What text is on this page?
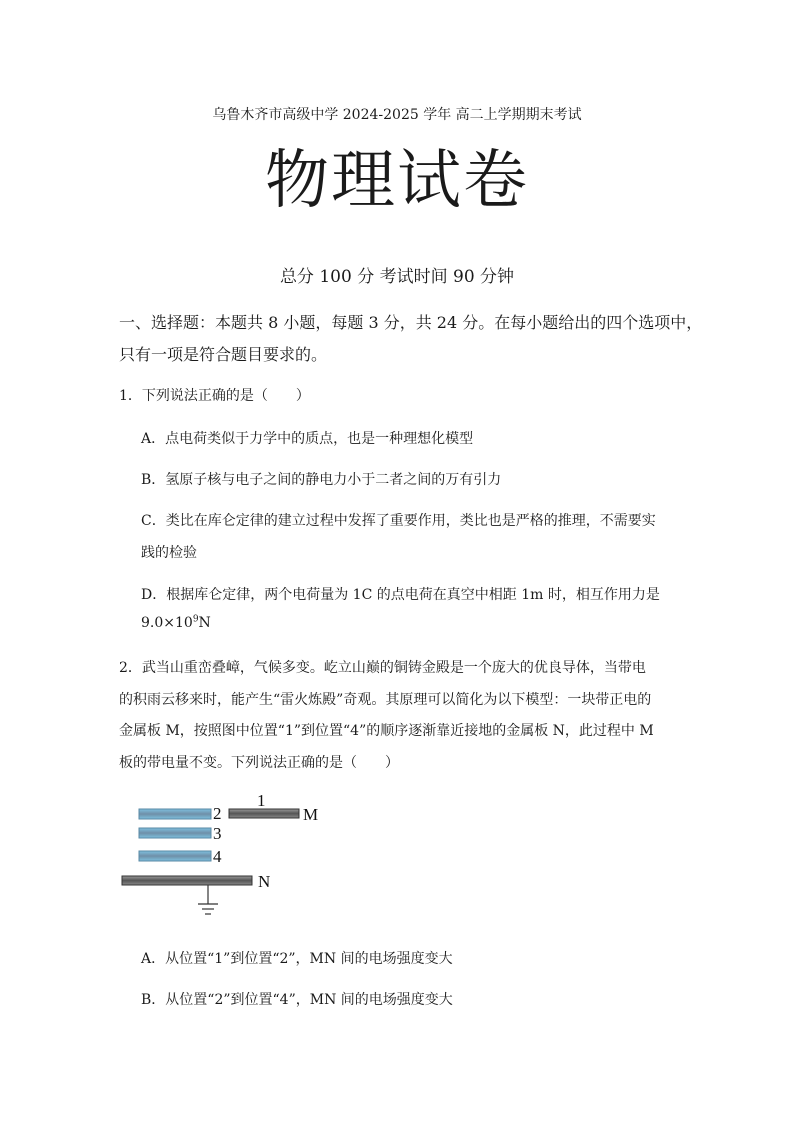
乌鲁木齐市高级中学 2024-2025 学年 高二上学期期末考试
物理试卷
总分 100 分 考试时间 90 分钟
一、选择题：本题共 8 小题，每题 3 分，共 24 分。在每小题给出的四个选项中，
只有一项是符合题目要求的。
1．下列说法正确的是（　　）
A．点电荷类似于力学中的质点，也是一种理想化模型
B．氢原子核与电子之间的静电力小于二者之间的万有引力
C．类比在库仑定律的建立过程中发挥了重要作用，类比也是严格的推理，不需要实
践的检验
D．根据库仑定律，两个电荷量为 1C 的点电荷在真空中相距 1m 时，相互作用力是
$9.0\times 10^9N$
2．武当山重峦叠嶂，气候多变。屹立山巅的铜铸金殿是一个庞大的优良导体，当带电
的积雨云移来时，能产生“雷火炼殿”奇观。其原理可以简化为以下模型：一块带正电的
金属板 M，按照图中位置“1”到位置“4”的顺序逐渐靠近接地的金属板 N，此过程中 M
板的带电量不变。下列说法正确的是（　　）
1
2
3
4
M
N
A．从位置“1”到位置“2”，MN 间的电场强度变大
B．从位置“2”到位置“4”，MN 间的电场强度变大
